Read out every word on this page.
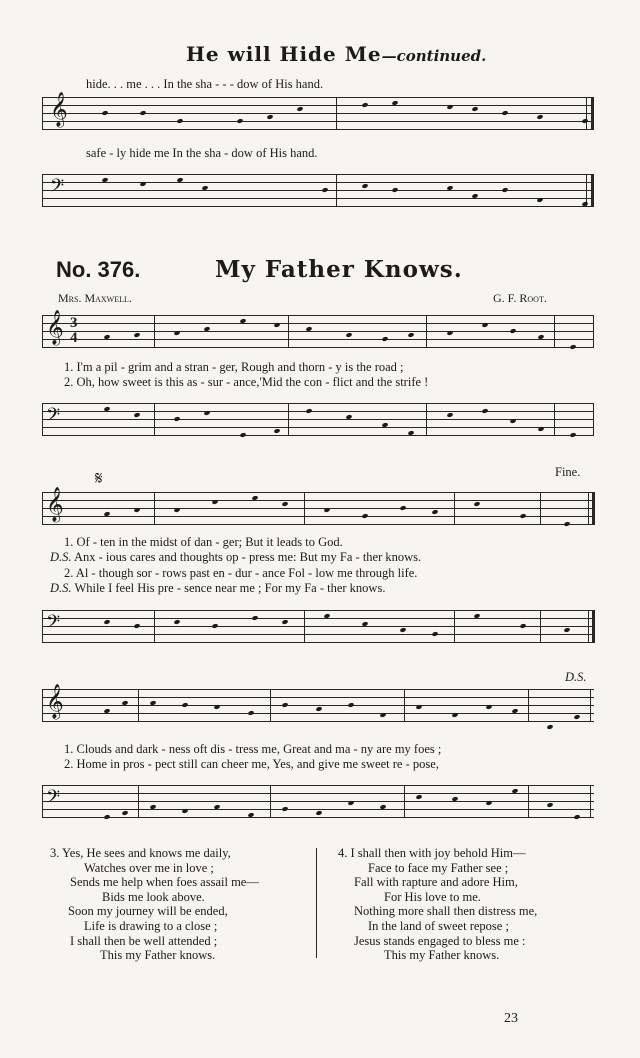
He will Hide Me—continued.
hide. . . me . . . In the sha - - - dow of His hand.
𝄞
safe - ly hide me In the sha - dow of His hand.
𝄢
No. 376.	My Father Knows.
Mrs. Maxwell.	G. F. Root.
𝄞 3
4
1. I'm a pil - grim and a stran - ger, Rough and thorn - y is the road ;
2. Oh, how sweet is this as - sur - ance,'Mid the con - flict and the strife !
𝄢
𝄋	Fine.
𝄞
1. Of - ten in the midst of dan - ger; But it leads to God.
D.S. Anx - ious cares and thoughts op - press me: But my Fa - ther knows.
2. Al - though sor - rows past en - dur - ance Fol - low me through life.
D.S. While I feel His pre - sence near me ; For my Fa - ther knows.
𝄢
D.S.
𝄞
1. Clouds and dark - ness oft dis - tress me, Great and ma - ny are my foes ;
2. Home in pros - pect still can cheer me, Yes, and give me sweet re - pose,
𝄢
3. Yes, He sees and knows me daily,
Watches over me in love ;
Sends me help when foes assail me—
Bids me look above.
Soon my journey will be ended,
Life is drawing to a close ;
I shall then be well attended ;
This my Father knows.
4. I shall then with joy behold Him—
Face to face my Father see ;
Fall with rapture and adore Him,
For His love to me.
Nothing more shall then distress me,
In the land of sweet repose ;
Jesus stands engaged to bless me :
This my Father knows.
23
